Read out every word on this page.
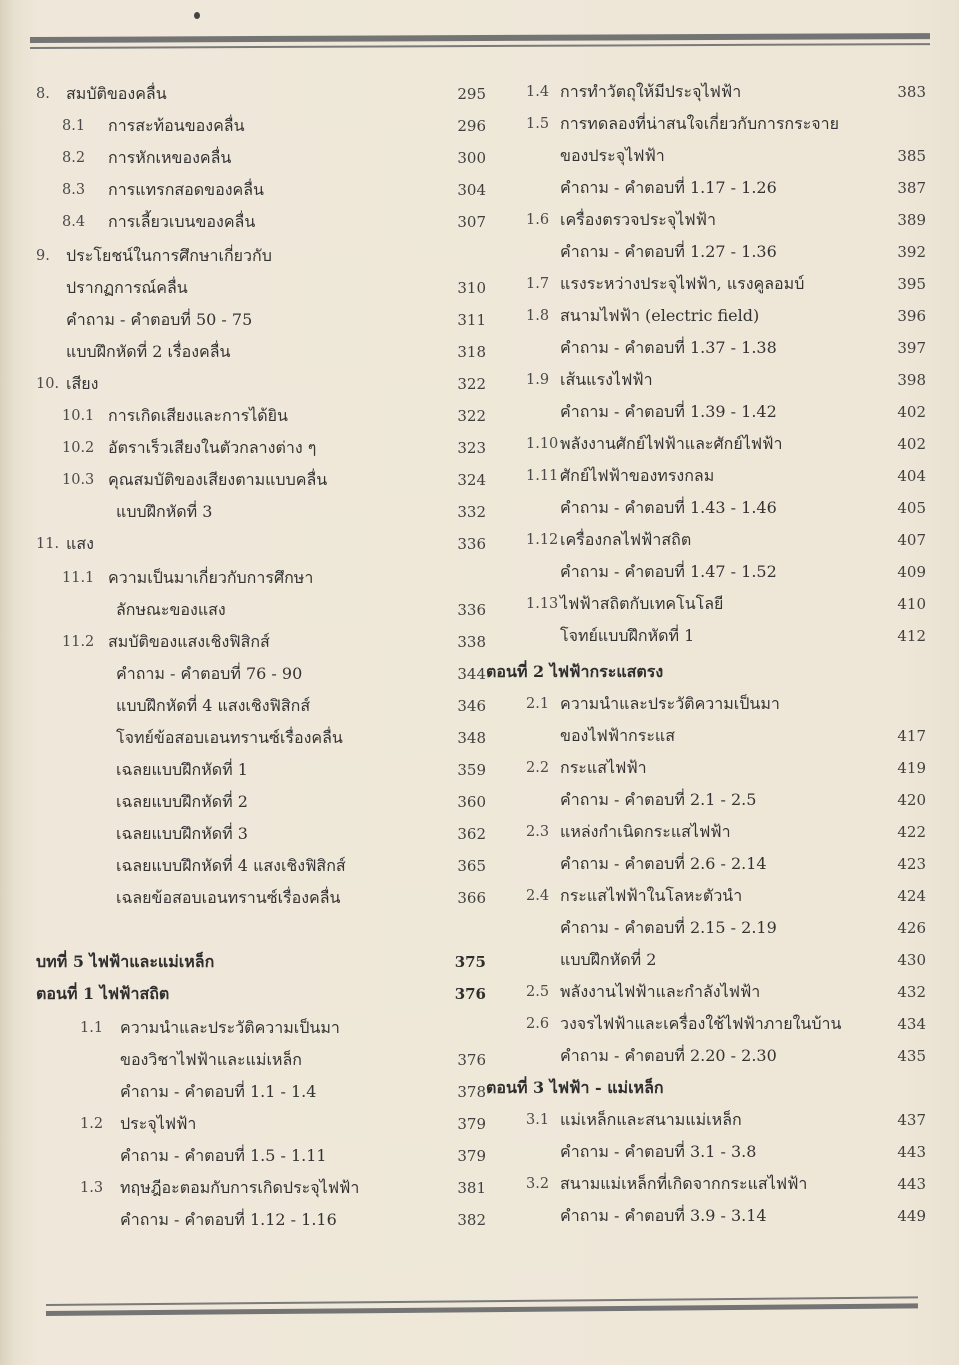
8. สมบัติของคลื่น	295
8.1 การสะท้อนของคลื่น	296
8.2 การหักเหของคลื่น	300
8.3 การแทรกสอดของคลื่น	304
8.4 การเลี้ยวเบนของคลื่น	307
9. ประโยชน์ในการศึกษาเกี่ยวกับ
ปรากฏการณ์คลื่น	310
คำถาม - คำตอบที่ 50 - 75	311
แบบฝึกหัดที่ 2 เรื่องคลื่น	318
10. เสียง	322
10.1 การเกิดเสียงและการได้ยิน	322
10.2 อัตราเร็วเสียงในตัวกลางต่าง ๆ	323
10.3 คุณสมบัติของเสียงตามแบบคลื่น	324
แบบฝึกหัดที่ 3	332
11. แสง	336
11.1 ความเป็นมาเกี่ยวกับการศึกษา
ลักษณะของแสง	336
11.2 สมบัติของแสงเชิงฟิสิกส์	338
คำถาม - คำตอบที่ 76 - 90	344
แบบฝึกหัดที่ 4 แสงเชิงฟิสิกส์	346
โจทย์ข้อสอบเอนทรานซ์เรื่องคลื่น	348
เฉลยแบบฝึกหัดที่ 1	359
เฉลยแบบฝึกหัดที่ 2	360
เฉลยแบบฝึกหัดที่ 3	362
เฉลยแบบฝึกหัดที่ 4 แสงเชิงฟิสิกส์	365
เฉลยข้อสอบเอนทรานซ์เรื่องคลื่น	366
บทที่ 5 ไฟฟ้าและแม่เหล็ก	375
ตอนที่ 1 ไฟฟ้าสถิต	376
1.1 ความนำและประวัติความเป็นมา
ของวิชาไฟฟ้าและแม่เหล็ก	376
คำถาม - คำตอบที่ 1.1 - 1.4	378
1.2 ประจุไฟฟ้า	379
คำถาม - คำตอบที่ 1.5 - 1.11	379
1.3 ทฤษฎีอะตอมกับการเกิดประจุไฟฟ้า	381
คำถาม - คำตอบที่ 1.12 - 1.16	382
1.4 การทำวัตถุให้มีประจุไฟฟ้า	383
1.5 การทดลองที่น่าสนใจเกี่ยวกับการกระจาย
ของประจุไฟฟ้า	385
คำถาม - คำตอบที่ 1.17 - 1.26	387
1.6 เครื่องตรวจประจุไฟฟ้า	389
คำถาม - คำตอบที่ 1.27 - 1.36	392
1.7 แรงระหว่างประจุไฟฟ้า, แรงคูลอมบ์	395
1.8 สนามไฟฟ้า (electric field)	396
คำถาม - คำตอบที่ 1.37 - 1.38	397
1.9 เส้นแรงไฟฟ้า	398
คำถาม - คำตอบที่ 1.39 - 1.42	402
1.10 พลังงานศักย์ไฟฟ้าและศักย์ไฟฟ้า	402
1.11 ศักย์ไฟฟ้าของทรงกลม	404
คำถาม - คำตอบที่ 1.43 - 1.46	405
1.12 เครื่องกลไฟฟ้าสถิต	407
คำถาม - คำตอบที่ 1.47 - 1.52	409
1.13 ไฟฟ้าสถิตกับเทคโนโลยี	410
โจทย์แบบฝึกหัดที่ 1	412
ตอนที่ 2 ไฟฟ้ากระแสตรง
2.1 ความนำและประวัติความเป็นมา
ของไฟฟ้ากระแส	417
2.2 กระแสไฟฟ้า	419
คำถาม - คำตอบที่ 2.1 - 2.5	420
2.3 แหล่งกำเนิดกระแสไฟฟ้า	422
คำถาม - คำตอบที่ 2.6 - 2.14	423
2.4 กระแสไฟฟ้าในโลหะตัวนำ	424
คำถาม - คำตอบที่ 2.15 - 2.19	426
แบบฝึกหัดที่ 2	430
2.5 พลังงานไฟฟ้าและกำลังไฟฟ้า	432
2.6 วงจรไฟฟ้าและเครื่องใช้ไฟฟ้าภายในบ้าน	434
คำถาม - คำตอบที่ 2.20 - 2.30	435
ตอนที่ 3 ไฟฟ้า - แม่เหล็ก
3.1 แม่เหล็กและสนามแม่เหล็ก	437
คำถาม - คำตอบที่ 3.1 - 3.8	443
3.2 สนามแม่เหล็กที่เกิดจากกระแสไฟฟ้า	443
คำถาม - คำตอบที่ 3.9 - 3.14	449
